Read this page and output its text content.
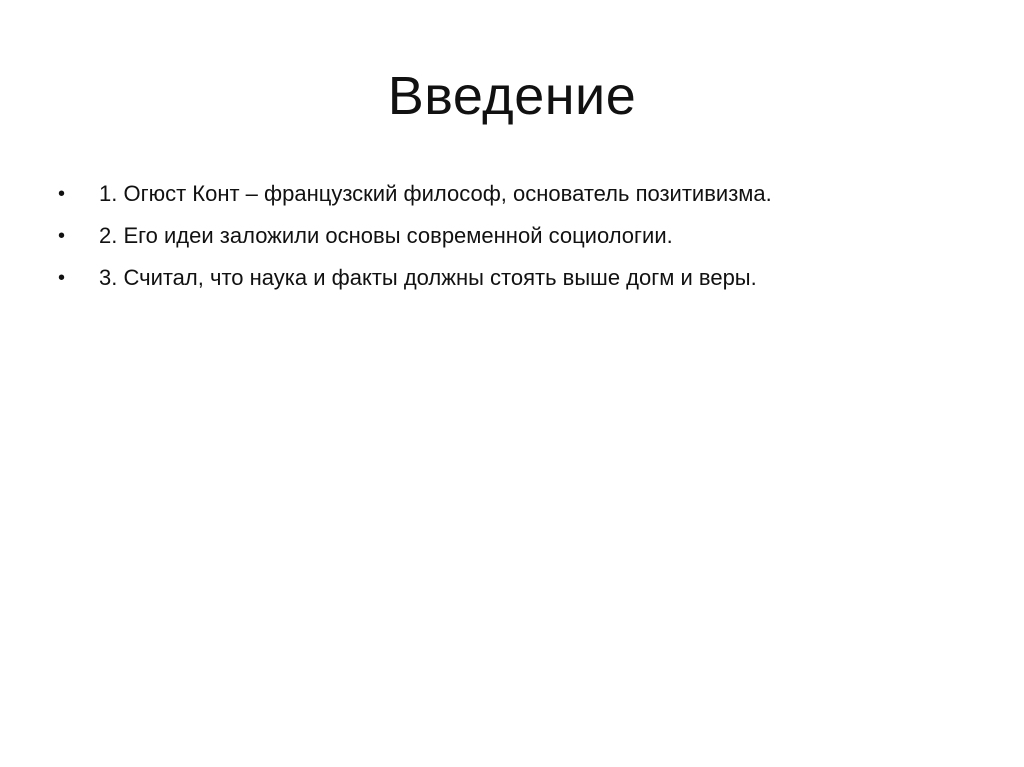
Введение
•	1. Огюст Конт – французский философ, основатель позитивизма.
•	2. Его идеи заложили основы современной социологии.
•	3. Считал, что наука и факты должны стоять выше догм и веры.
